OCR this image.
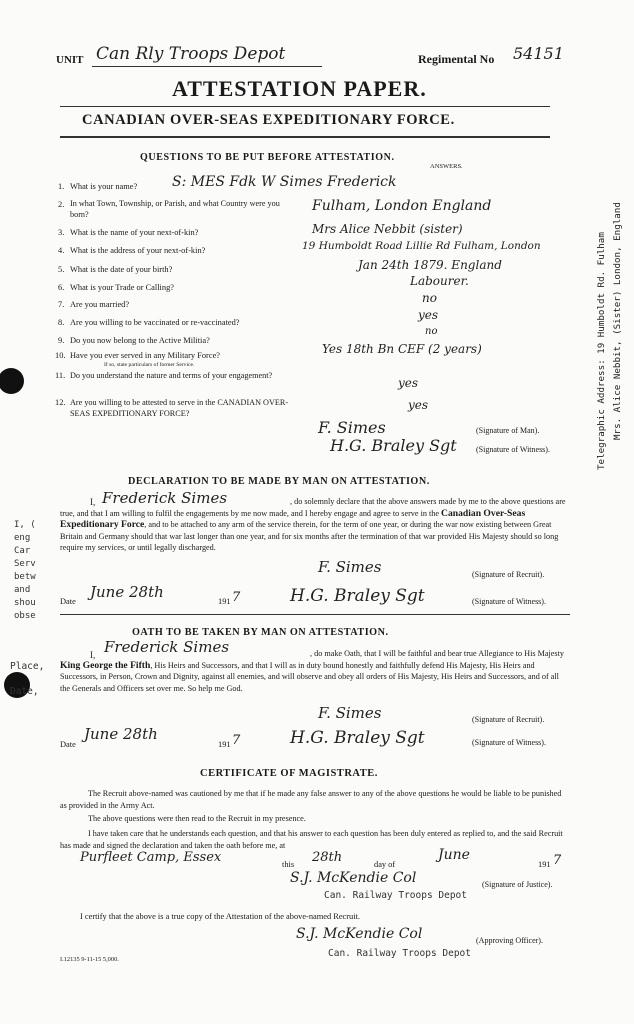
UNIT Can Rly Troops Depot	Regimental No 54151
ATTESTATION PAPER.
CANADIAN OVER-SEAS EXPEDITIONARY FORCE.
QUESTIONS TO BE PUT BEFORE ATTESTATION.
ANSWERS.
1. What is your name? S: MES Fdk W Simes Frederick
2. In what Town, Township, or Parish, and what Country were you born?
Fulham, London England
3. What is the name of your next-of-kin?	Mrs Alice Nebbit (sister)
4. What is the address of your next-of-kin?	19 Humboldt Road Lillie Rd Fulham, London
5. What is the date of your birth?	Jan 24th 1879. England
6. What is your Trade or Calling?	Labourer.
7. Are you married?	no
8. Are you willing to be vaccinated or re-vaccinated?
yes
9. Do you now belong to the Active Militia?
no
10. Have you ever served in any Military Force?
If so, state particulars of former Service.
Yes 18th Bn CEF (2 years)
11. Do you understand the nature and terms of your engagement?
yes
12. Are you willing to be attested to serve in the CANADIAN OVER-SEAS EXPEDITIONARY FORCE?
yes
F. Simes	(Signature of Man).
H.G. Braley Sgt (Signature of Witness).
DECLARATION TO BE MADE BY MAN ON ATTESTATION.
I, Frederick Simes	, do solemnly declare that the above answers made by me to the above questions are true, and that I am willing to fulfil the engagements by me now made, and I hereby engage and agree to serve in the Canadian Over-Seas Expeditionary Force, and to be attached to any arm of the service therein, for the term of one year, or during the war now existing between Great Britain and Germany should that war last longer than one year, and for six months after the termination of that war provided His Majesty should so long require my services, or until legally discharged.
F. Simes	(Signature of Recruit).
Date
June 28th
191 7	H.G. Braley Sgt	(Signature of Witness).
OATH TO BE TAKEN BY MAN ON ATTESTATION.
I, Frederick Simes	, do make Oath, that I will be faithful and bear true Allegiance to His Majesty King George the Fifth, His Heirs and Successors, and that I will as in duty bound honestly and faithfully defend His Majesty, His Heirs and Successors, in Person, Crown and Dignity, against all enemies, and will observe and obey all orders of His Majesty, His Heirs and Successors, and of all the Generals and Officers set over me. So help me God.
F. Simes	(Signature of Recruit).
Date
June 28th
191 7	H.G. Braley Sgt	(Signature of Witness).
CERTIFICATE OF MAGISTRATE.
The Recruit above-named was cautioned by me that if he made any false answer to any of the above questions he would be liable to be punished as provided in the Army Act.
The above questions were then read to the Recruit in my presence.
I have taken care that he understands each question, and that his answer to each question has been duly entered as replied to, and the said Recruit has made and signed the declaration and taken the oath before me, at
Purfleet Camp, Essex	this 28th	day of
June
191 7
S.J. McKendie Col	(Signature of Justice).
Can. Railway Troops Depot
I certify that the above is a true copy of the Attestation of the above-named Recruit.
S.J. McKendie Col	(Approving Officer).
Can. Railway Troops Depot
I.12135 9-11-15 5,000.
I, (
eng
Car
Serv
betw
and
shou
obse
Place,
Date,
Telegraphic Address: 19 Humboldt Rd. Fulham Mrs. Alice Nebbit, (Sister) London, England
